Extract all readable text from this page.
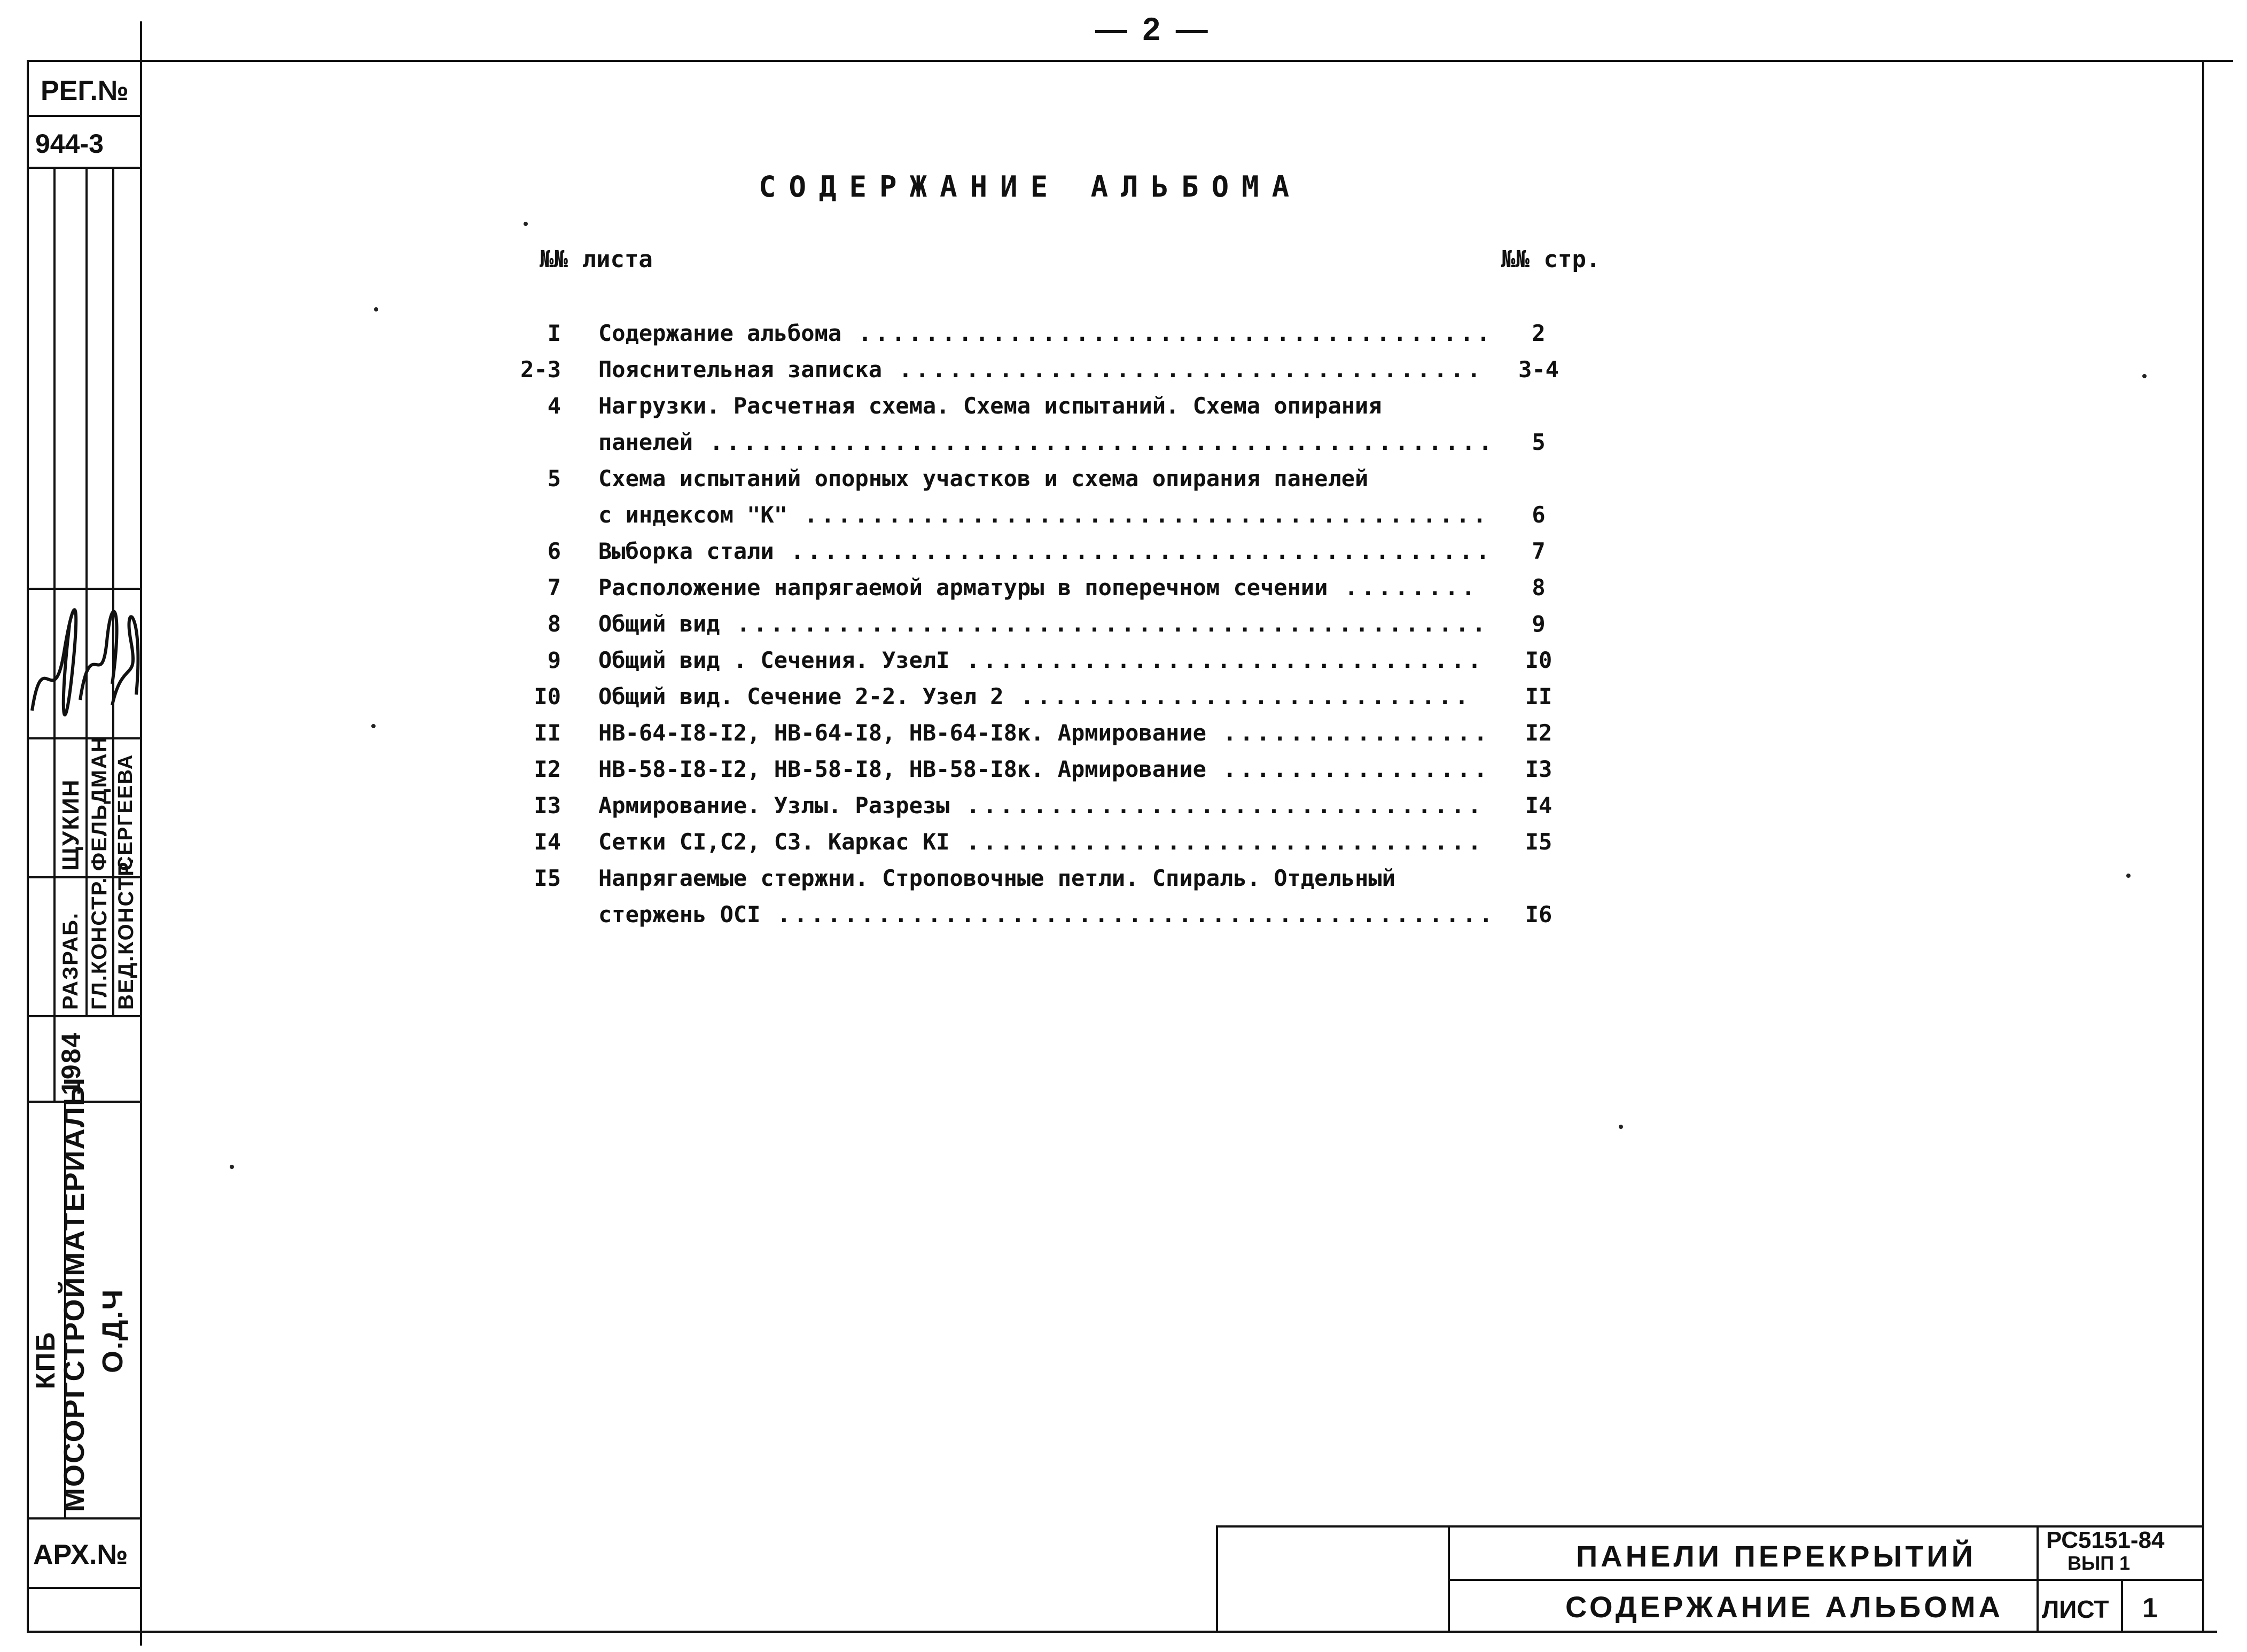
— 2 —
РЕГ.№
944-3
РАЗРАБ. ГЛ.КОНСТР. ВЕД.КОНСТР.
ЩУКИН ФЕЛЬДМАН СЕРГЕЕВА
1984
МОСОРГСТРОЙМАТЕРИАЛЫ
КПБ О.Д.Ч
АРХ.№
СОДЕРЖАНИЕ АЛЬБОМА
№№ листа	№№ стр.
I Содержание альбома ......................................	2
2-3 Пояснительная записка ...................................	3-4
4 Нагрузки. Расчетная схема. Схема испытаний. Схема опирания
панелей ...............................................	5
5 Схема испытаний опорных участков и схема опирания панелей
с индексом "К" .........................................	6
6 Выборка стали ..........................................	7
7 Расположение напрягаемой арматуры в поперечном сечении ........	8
8 Общий вид .............................................	9
9 Общий вид . Сечения. УзелI ...............................	I0
I0 Общий вид. Сечение 2-2. Узел 2 ...........................	II
II НВ-64-I8-I2, НВ-64-I8, НВ-64-I8к. Армирование ................	I2
I2 НВ-58-I8-I2, НВ-58-I8, НВ-58-I8к. Армирование ................	I3
I3 Армирование. Узлы. Разрезы ...............................	I4
I4 Сетки CI,C2, C3. Каркас КI ...............................	I5
I5 Напрягаемые стержни. Строповочные петли. Спираль. Отдельный
стержень ОСI ...........................................	I6
ПАНЕЛИ ПЕРЕКРЫТИЙ
СОДЕРЖАНИЕ АЛЬБОМА
РС5151-84
ВЫП 1
ЛИСТ 1
